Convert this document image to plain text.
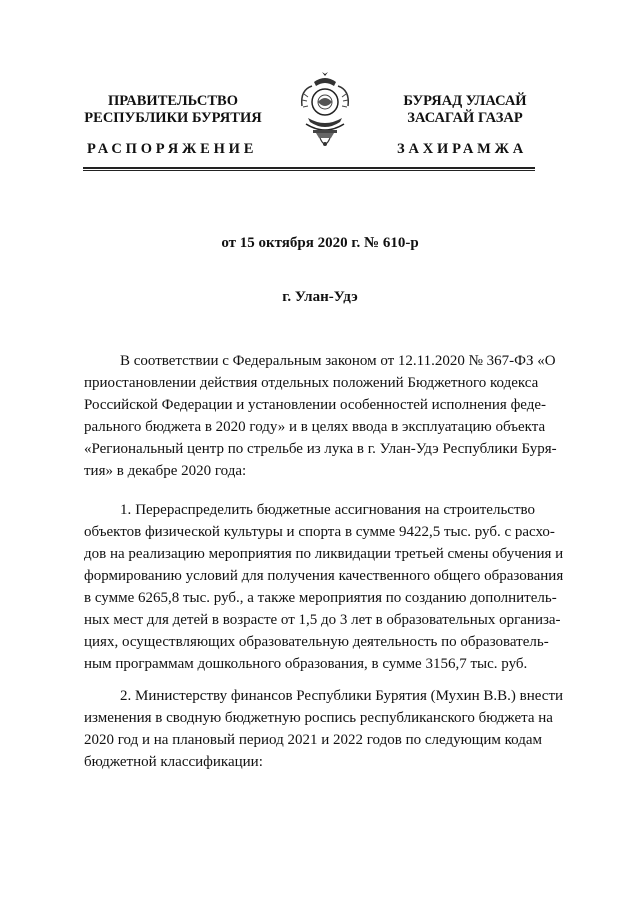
ПРАВИТЕЛЬСТВО
РЕСПУБЛИКИ БУРЯТИЯ
БУРЯАД УЛАСАЙ
ЗАСАГАЙ ГАЗАР
РАСПОРЯЖЕНИЕ	ЗАХИРАМЖА
от 15 октября 2020 г. № 610-р
г. Улан-Удэ
В соответствии с Федеральным законом от 12.11.2020 № 367-ФЗ «О
приостановлении действия отдельных положений Бюджетного кодекса
Российской Федерации и установлении особенностей исполнения феде-
рального бюджета в 2020 году» и в целях ввода в эксплуатацию объекта
«Региональный центр по стрельбе из лука в г. Улан-Удэ Республики Буря-
тия» в декабре 2020 года:
1. Перераспределить бюджетные ассигнования на строительство
объектов физической культуры и спорта в сумме 9422,5 тыс. руб. с расхо-
дов на реализацию мероприятия по ликвидации третьей смены обучения и
формированию условий для получения качественного общего образования
в сумме 6265,8 тыс. руб., а также мероприятия по созданию дополнитель-
ных мест для детей в возрасте от 1,5 до 3 лет в образовательных организа-
циях, осуществляющих образовательную деятельность по образователь-
ным программам дошкольного образования, в сумме 3156,7 тыс. руб.
2. Министерству финансов Республики Бурятия (Мухин В.В.) внести
изменения в сводную бюджетную роспись республиканского бюджета на
2020 год и на плановый период 2021 и 2022 годов по следующим кодам
бюджетной классификации:
